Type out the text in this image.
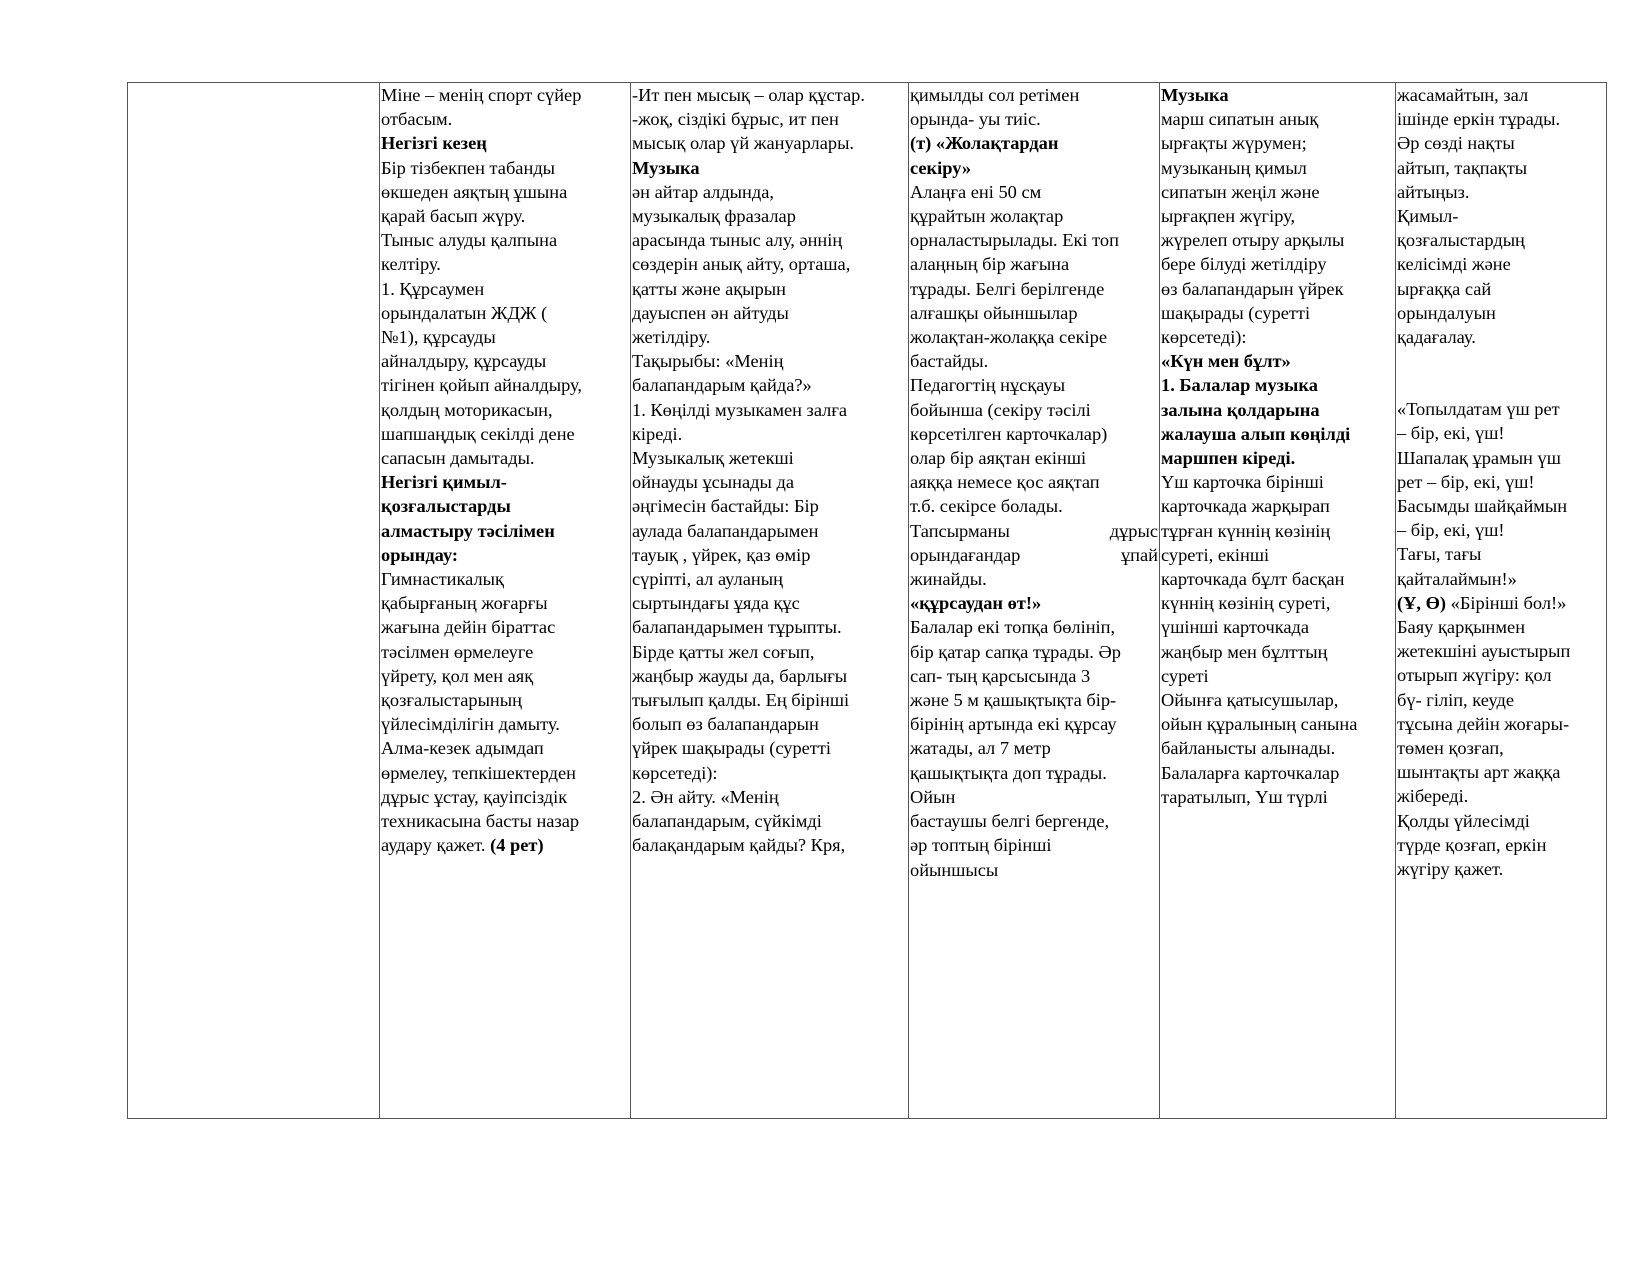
Міне – менің спорт сүйер
отбасым.
Негізгі кезең
Бір тізбекпен табанды
өкшеден аяқтың ұшына
қарай басып жүру.
Тыныс алуды қалпына
келтіру.
1. Құрсаумен
орындалатын ЖДЖ (
№1), құрсауды
айналдыру, құрсауды
тігінен қойып айналдыру,
қолдың моторикасын,
шапшаңдық секілді дене
сапасын дамытады.
Негізгі қимыл-
қозғалыстарды
алмастыру тәсілімен
орындау:
Гимнастикалық
қабырғаның жоғарғы
жағына дейін біраттас
тәсілмен өрмелеуге
үйрету, қол мен аяқ
қозғалыстарының
үйлесімділігін дамыту.
Алма-кезек адымдап
өрмелеу, тепкішектерден
дұрыс ұстау, қауіпсіздік
техникасына басты назар
аудару қажет. (4 рет)

-Ит пен мысық – олар құстар.
-жоқ, сіздікі бұрыс, ит пен
мысық олар үй жануарлары.
Музыка
ән айтар алдында,
музыкалық фразалар
арасында тыныс алу, әннің
сөздерін анық айту, орташа,
қатты және ақырын
дауыспен ән айтуды
жетілдіру.
Тақырыбы: «Менің
балапандарым қайда?»
1. Көңілді музыкамен залға
кіреді.
Музыкалық жетекші
ойнауды ұсынады да
әңгімесін бастайды: Бір
аулада балапандарымен
тауық , үйрек, қаз өмір
сүріпті, ал ауланың
сыртындағы ұяда құс
балапандарымен тұрыпты.
Бірде қатты жел соғып,
жаңбыр жауды да, барлығы
тығылып қалды. Ең бірінші
болып өз балапандарын
үйрек шақырады (суретті
көрсетеді):
2. Ән айту. «Менің
балапандарым, сүйкімді
балақандарым қайды? Кря,

қимылды сол ретімен
орында- уы тиіс.
(т) «Жолақтардан
секіру»
Алаңға ені 50 см
құрайтын жолақтар
орналастырылады. Екі топ
алаңның бір жағына
тұрады. Белгі берілгенде
алғашқы ойыншылар
жолақтан-жолаққа секіре
бастайды.
Педагогтің нұсқауы
бойынша (секіру тәсілі
көрсетілген карточкалар)
олар бір аяқтан екінші
аяққа немесе қос аяқтап
т.б. секірсе болады.
Тапсырманы	дұрыс
орындағандар	ұпай
жинайды.
«құрсаудан өт!»
Балалар екі топқа бөлініп,
бір қатар сапқа тұрады. Әр
сап- тың қарсысында 3
және 5 м қашықтықта бір-
бірінің артында екі құрсау
жатады, ал 7 метр
қашықтықта доп тұрады.
Ойын
бастаушы белгі бергенде,
әр топтың бірінші
ойыншысы

Музыка
марш сипатын анық
ырғақты жүрумен;
музыканың қимыл
сипатын жеңіл және
ырғақпен жүгіру,
жүрелеп отыру арқылы
бере білуді жетілдіру
өз балапандарын үйрек
шақырады (суретті
көрсетеді):
«Күн мен бұлт»
1. Балалар музыка
залына қолдарына
жалауша алып көңілді
маршпен кіреді.
Үш карточка бірінші
карточкада жарқырап
тұрған күннің көзінің
суреті, екінші
карточкада бұлт басқан
күннің көзінің суреті,
үшінші карточкада
жаңбыр мен бұлттың
суреті
Ойынға қатысушылар,
ойын құралының санына
байланысты алынады.
Балаларға карточкалар
таратылып, Үш түрлі

жасамайтын, зал
ішінде еркін тұрады.
Әр сөзді нақты
айтып, тақпақты
айтыңыз.
Қимыл-
қозғалыстардың
келісімді және
ырғаққа сай
орындалуын
қадағалау.
«Топылдатам үш рет
– бір, екі, үш!
Шапалақ ұрамын үш
рет – бір, екі, үш!
Басымды шайқаймын
– бір, екі, үш!
Тағы, тағы
қайталаймын!»
(Ұ, Ө) «Бірінші бол!»
Баяу қарқынмен
жетекшіні ауыстырып
отырып жүгіру: қол
бү- гіліп, кеуде
тұсына дейін жоғары-
төмен қозғап,
шынтақты арт жаққа
жібереді.
Қолды үйлесімді
түрде қозғап, еркін
жүгіру қажет.
